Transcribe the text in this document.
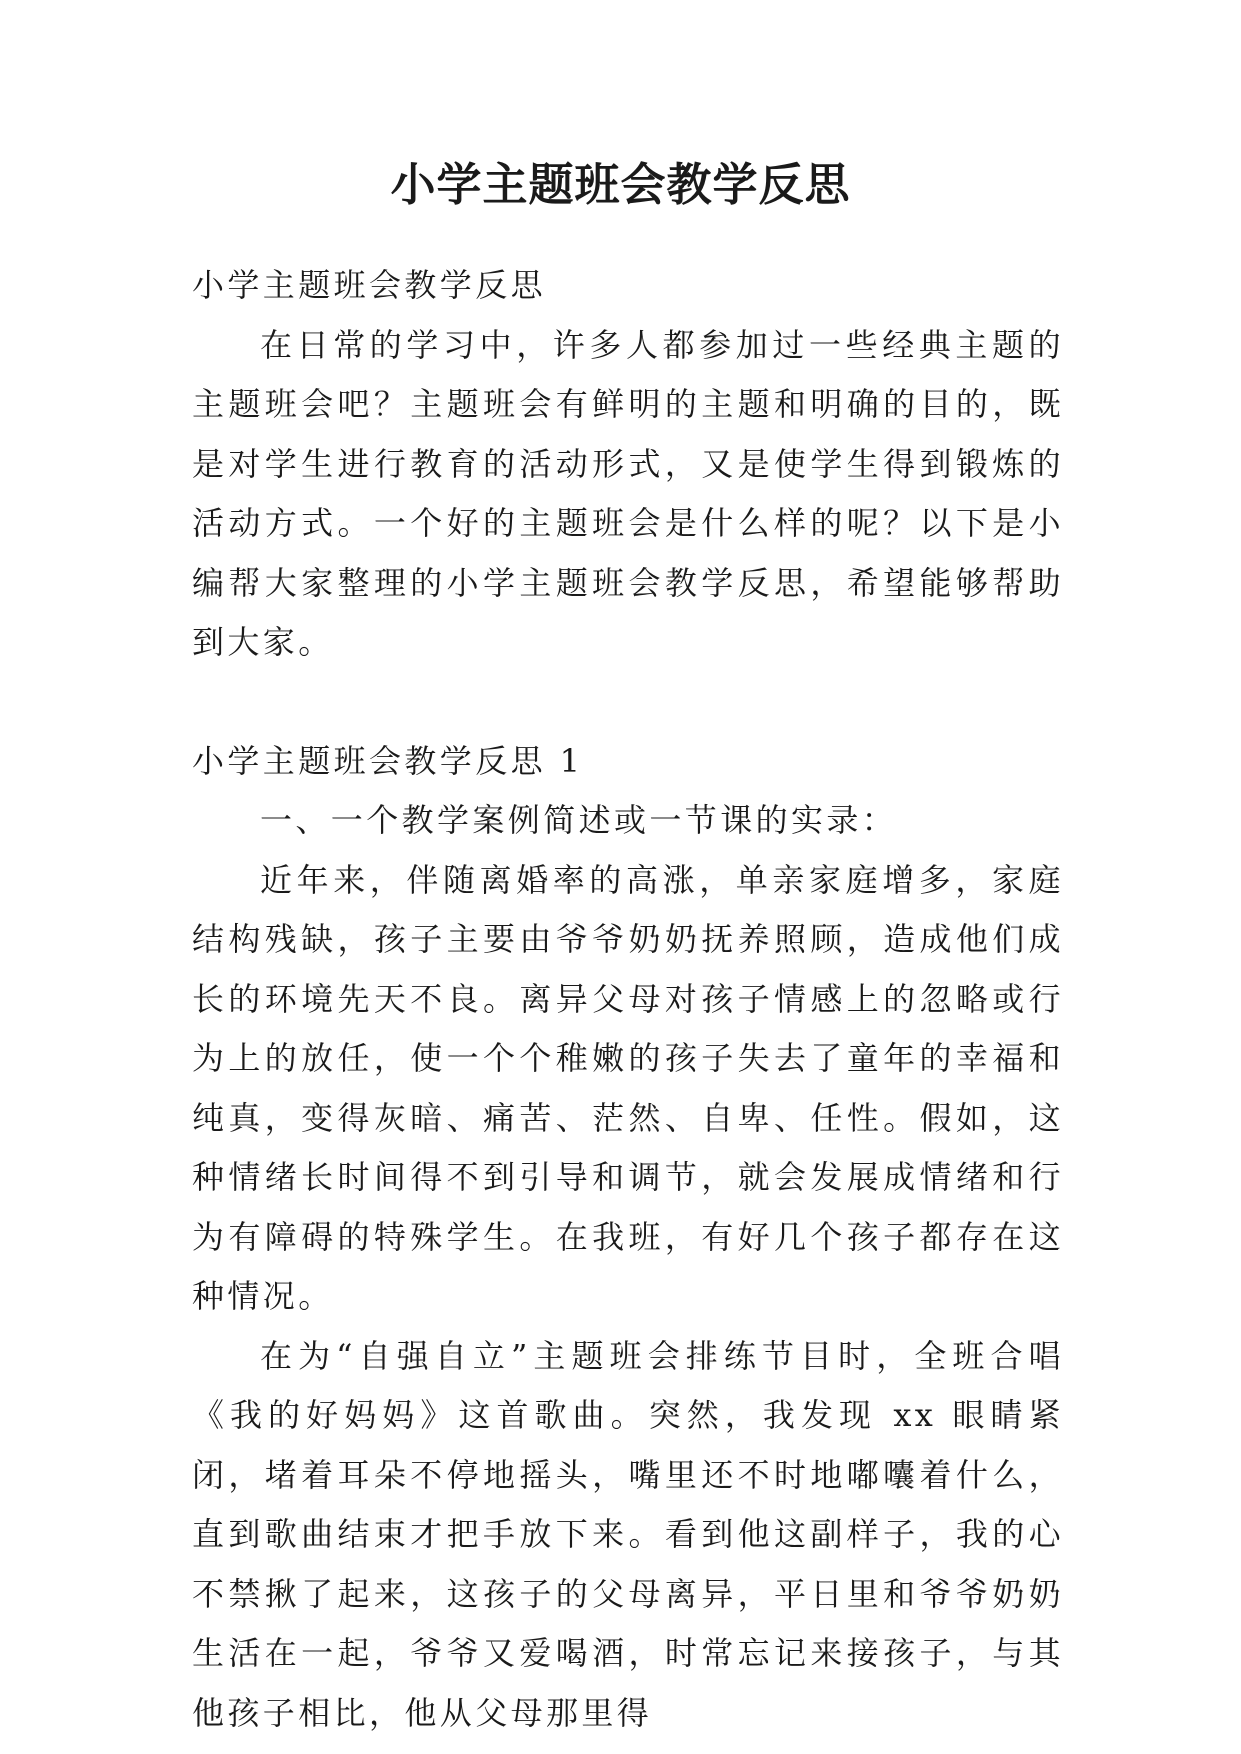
小学主题班会教学反思

小学主题班会教学反思

在日常的学习中，许多人都参加过一些经典主题的主题班会吧？主题班会有鲜明的主题和明确的目的，既是对学生进行教育的活动形式，又是使学生得到锻炼的活动方式。一个好的主题班会是什么样的呢？以下是小编帮大家整理的小学主题班会教学反思，希望能够帮助到大家。

小学主题班会教学反思 1

一、一个教学案例简述或一节课的实录：

近年来，伴随离婚率的高涨，单亲家庭增多，家庭结构残缺，孩子主要由爷爷奶奶抚养照顾，造成他们成长的环境先天不良。离异父母对孩子情感上的忽略或行为上的放任，使一个个稚嫩的孩子失去了童年的幸福和纯真，变得灰暗、痛苦、茫然、自卑、任性。假如，这种情绪长时间得不到引导和调节，就会发展成情绪和行为有障碍的特殊学生。在我班，有好几个孩子都存在这种情况。

在为“自强自立”主题班会排练节目时，全班合唱《我的好妈妈》这首歌曲。突然，我发现 xx 眼睛紧闭，堵着耳朵不停地摇头，嘴里还不时地嘟囔着什么，直到歌曲结束才把手放下来。看到他这副样子，我的心不禁揪了起来，这孩子的父母离异，平日里和爷爷奶奶生活在一起，爷爷又爱喝酒，时常忘记来接孩子，与其他孩子相比，他从父母那里得
